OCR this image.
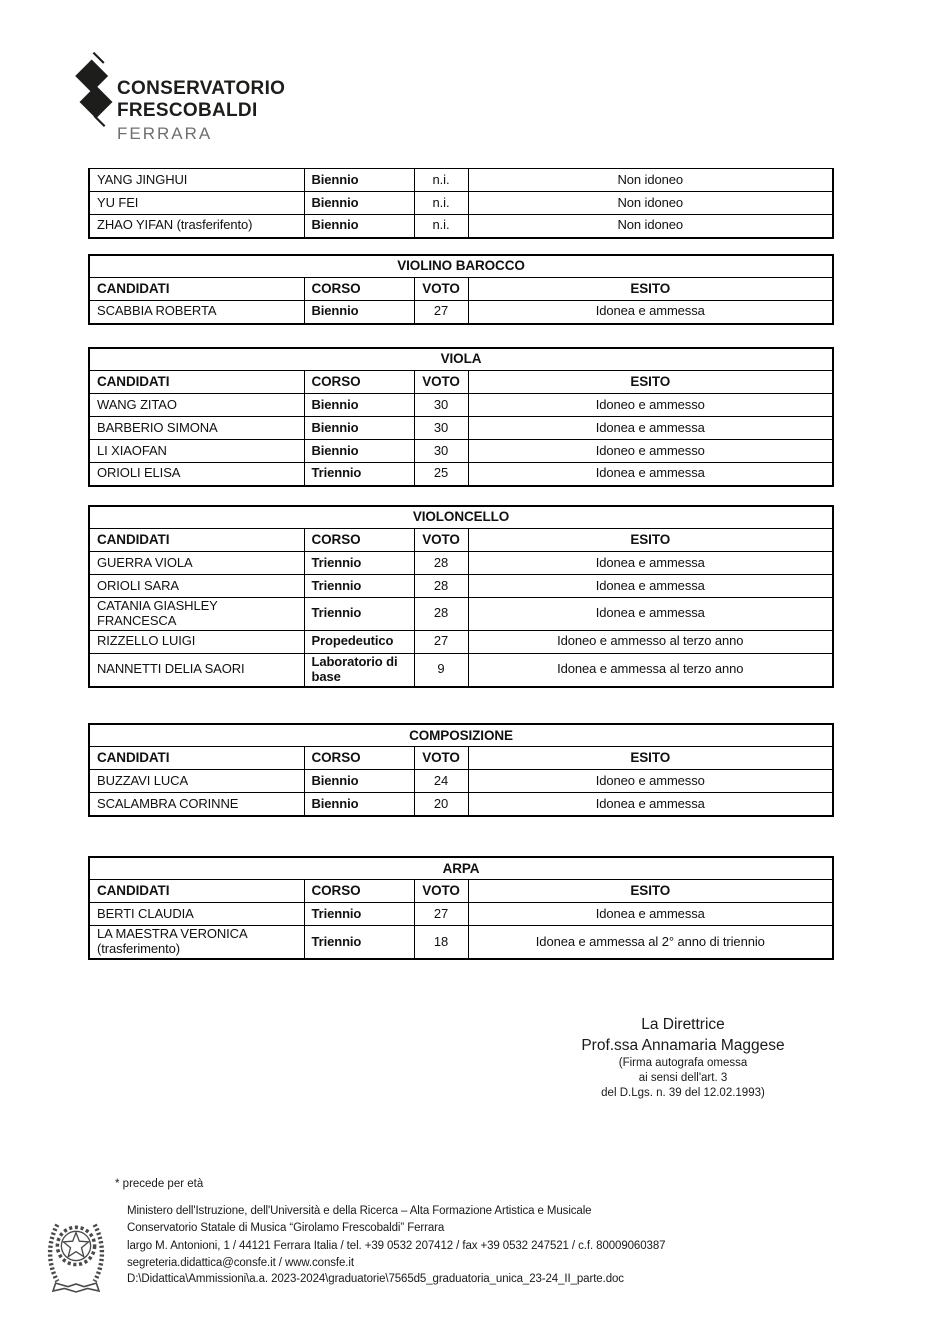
CONSERVATORIO
FRESCOBALDI
FERRARA
YANG JINGHUI	Biennio	n.i.	Non idoneo
YU FEI	Biennio	n.i.	Non idoneo
ZHAO YIFAN (trasferifento)	Biennio	n.i.	Non idoneo
VIOLINO BAROCCO			
CANDIDATI	CORSO	VOTO	ESITO
SCABBIA ROBERTA	Biennio	27	Idonea e ammessa
VIOLA			
CANDIDATI	CORSO	VOTO	ESITO
WANG ZITAO	Biennio	30	Idoneo e ammesso
BARBERIO SIMONA	Biennio	30	Idonea e ammessa
LI XIAOFAN	Biennio	30	Idoneo e ammesso
ORIOLI ELISA	Triennio	25	Idonea e ammessa
VIOLONCELLO			
CANDIDATI	CORSO	VOTO	ESITO
GUERRA VIOLA	Triennio	28	Idonea e ammessa
ORIOLI SARA	Triennio	28	Idonea e ammessa
CATANIA GIASHLEY FRANCESCA	Triennio	28	Idonea e ammessa
RIZZELLO LUIGI	Propedeutico	27	Idoneo e ammesso al terzo anno
NANNETTI DELIA SAORI	Laboratorio di base	9	Idonea e ammessa al terzo anno
COMPOSIZIONE			
CANDIDATI	CORSO	VOTO	ESITO
BUZZAVI LUCA	Biennio	24	Idoneo e ammesso
SCALAMBRA CORINNE	Biennio	20	Idonea e ammessa
ARPA			
CANDIDATI	CORSO	VOTO	ESITO
BERTI CLAUDIA	Triennio	27	Idonea e ammessa
LA MAESTRA VERONICA (trasferimento)	Triennio	18	Idonea e ammessa al 2° anno di triennio
La Direttrice
Prof.ssa Annamaria Maggese
(Firma autografa omessa
ai sensi dell'art. 3
del D.Lgs. n. 39 del 12.02.1993)
* precede per età
Ministero dell'Istruzione, dell'Università e della Ricerca – Alta Formazione Artistica e Musicale
Conservatorio Statale di Musica “Girolamo Frescobaldi” Ferrara
largo M. Antonioni, 1 / 44121 Ferrara Italia / tel. +39 0532 207412 / fax +39 0532 247521 / c.f. 80009060387
segreteria.didattica@consfe.it / www.consfe.it
D:\Didattica\Ammissioni\a.a. 2023-2024\graduatorie\7565d5_graduatoria_unica_23-24_II_parte.doc
